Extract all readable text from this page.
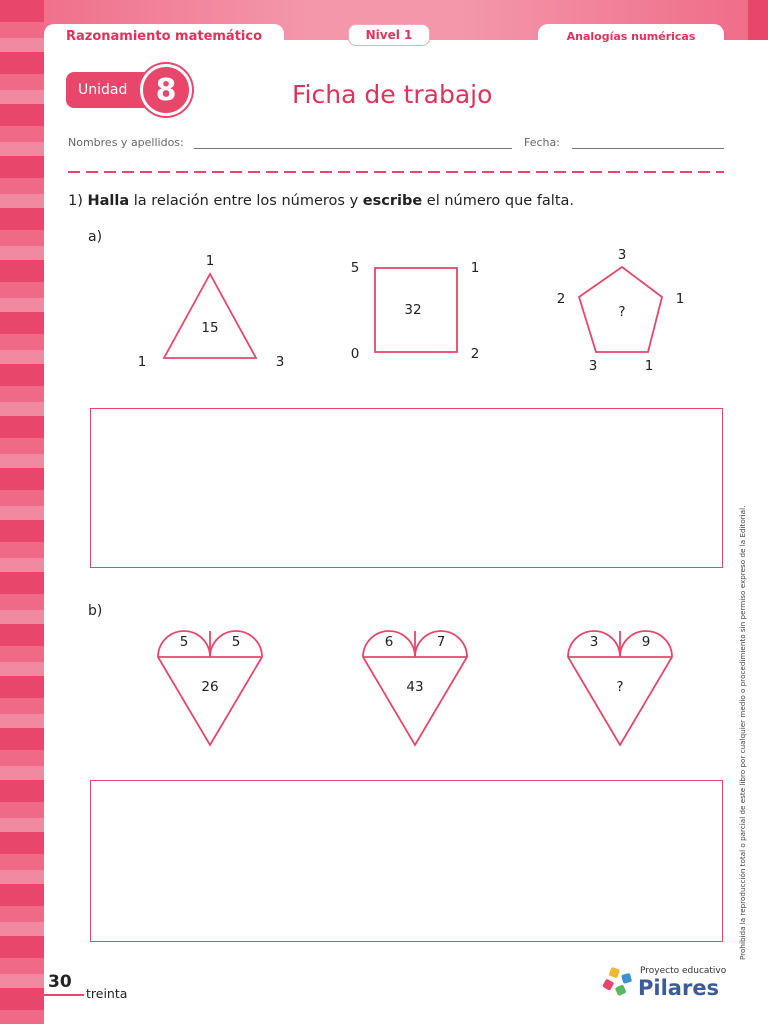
Razonamiento matemático	Nivel 1	Analogías numéricas
Unidad 8	Ficha de trabajo
Nombres y apellidos:	Fecha:
1) Halla la relación entre los números y escribe el número que falta.
a)
1
1	3
15
5	1
0	2
32
3
2	1
3	1
?
b)
5	5
26
6	7
43
3	9
?
30
treinta
Proyecto educativo
Pilares
Prohibida la reproducción total o parcial de este libro por cualquier medio o procedimiento sin permiso expreso de la Editorial.
